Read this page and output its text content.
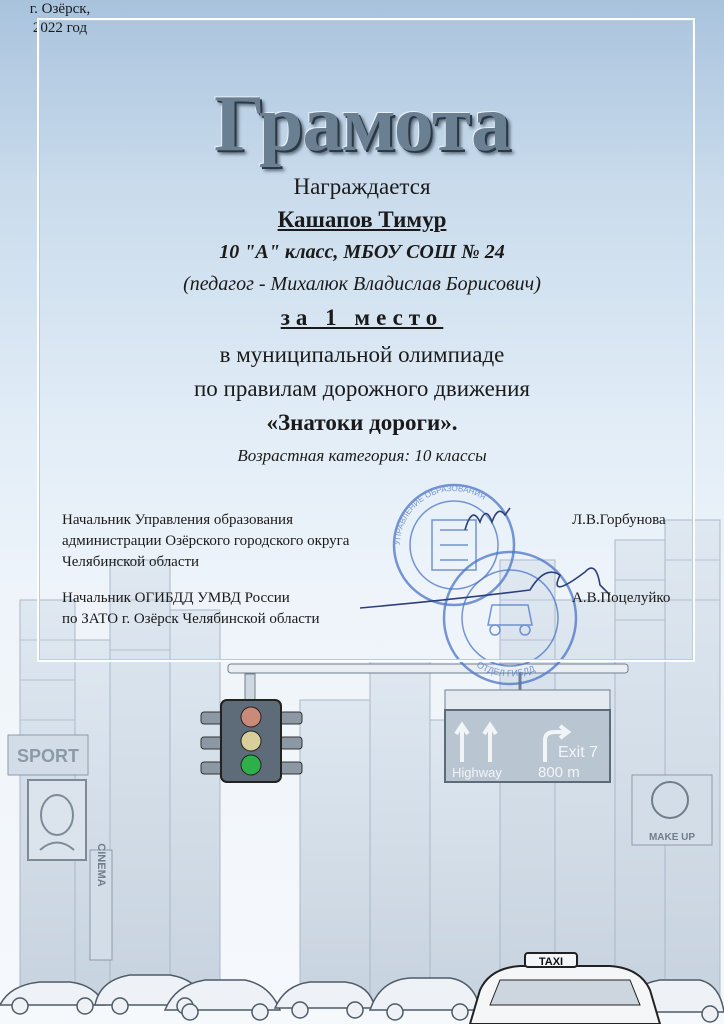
SPORT
CINEMA
MAKE UP
Highway
Exit 7
800 m
TAXI
УПРАВЛЕНИЕ ОБРАЗОВАНИЯ
ОТДЕЛ ГИБДД
Грамота
Награждается
Кашапов Тимур
10 "А" класс, МБОУ СОШ № 24
(педагог - Михалюк Владислав Борисович)
за 1 место
в муниципальной олимпиаде
по правилам дорожного движения
«Знатоки дороги».
Возрастная категория: 10 классы
Начальник Управления образования
администрации Озёрского городского округа
Челябинской области
Л.В.Горбунова
Начальник ОГИБДД УМВД России
по ЗАТО г. Озёрск Челябинской области
А.В.Поцелуйко
г. Озёрск,
2022 год
